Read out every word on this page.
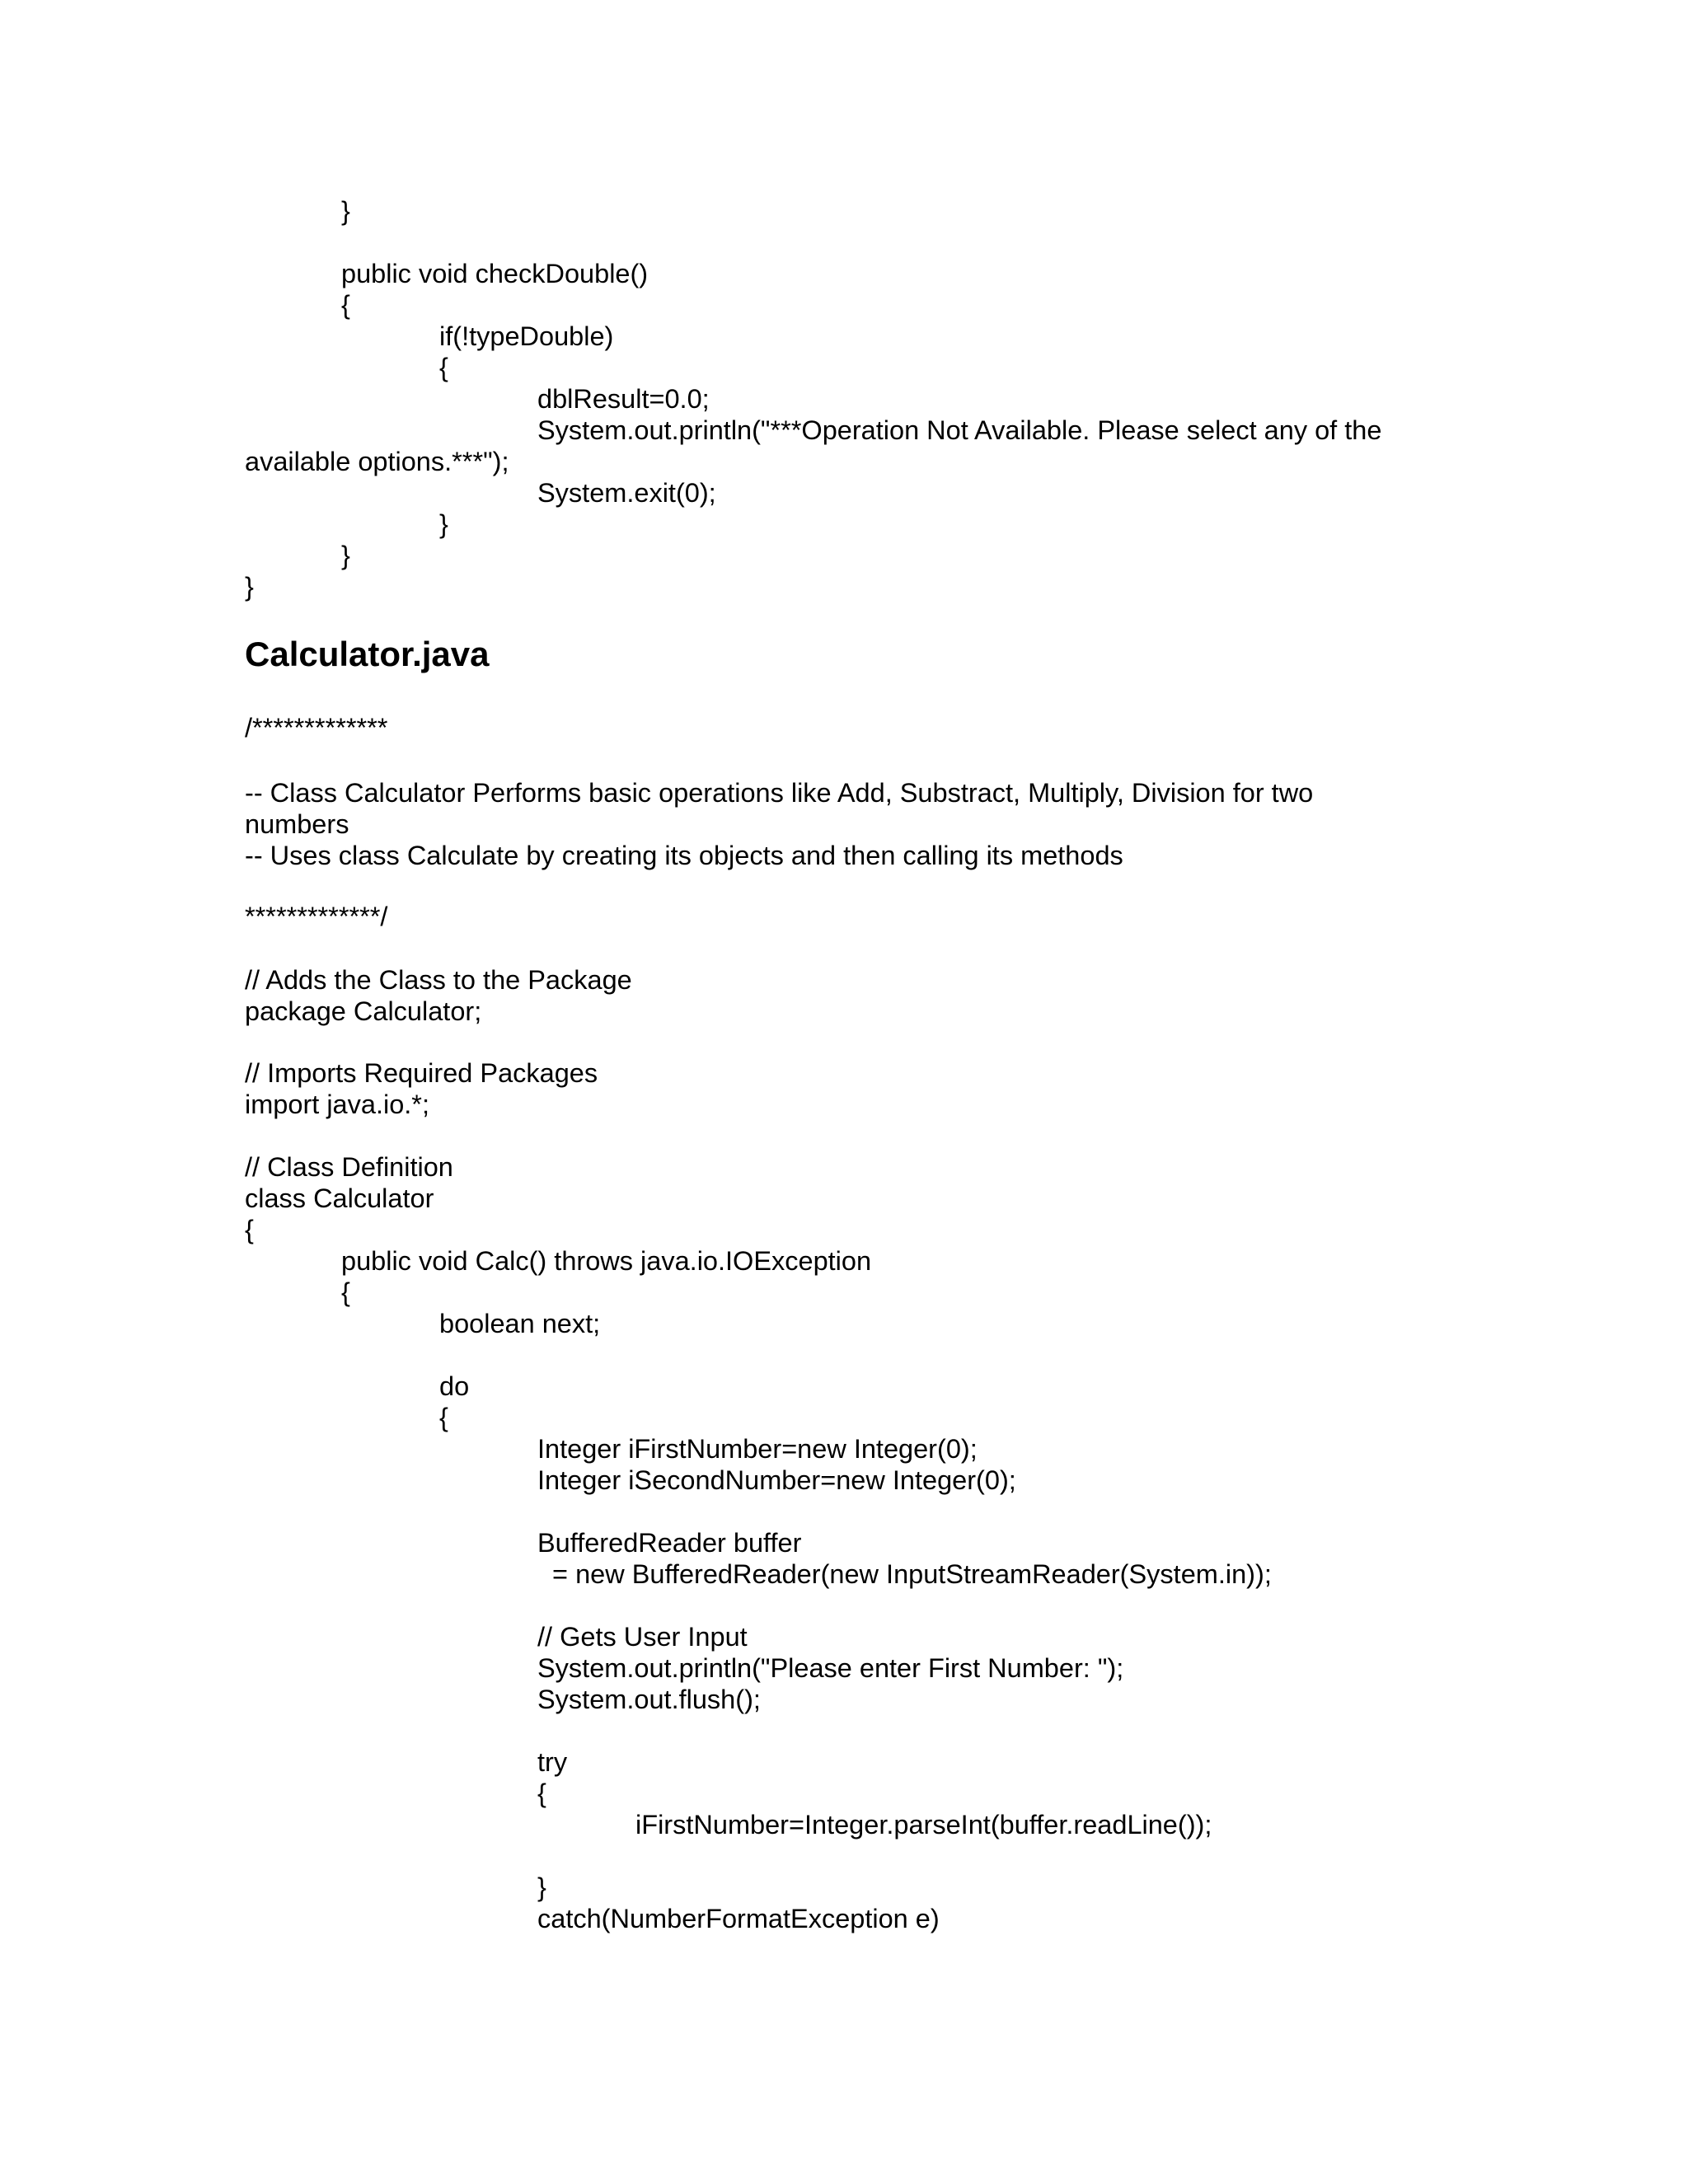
}
public void checkDouble()
{
if(!typeDouble)
{
dblResult=0.0;
System.out.println("***Operation Not Available. Please select any of the
available options.***");
System.exit(0);
}
}
}
Calculator.java
/*************
-- Class Calculator Performs basic operations like Add, Substract, Multiply, Division for two
numbers
-- Uses class Calculate by creating its objects and then calling its methods
*************/
// Adds the Class to the Package
package Calculator;
// Imports Required Packages
import java.io.*;
// Class Definition
class Calculator
{
public void Calc() throws java.io.IOException
{
boolean next;
do
{
Integer iFirstNumber=new Integer(0);
Integer iSecondNumber=new Integer(0);
BufferedReader buffer
= new BufferedReader(new InputStreamReader(System.in));
// Gets User Input
System.out.println("Please enter First Number: ");
System.out.flush();
try
{
iFirstNumber=Integer.parseInt(buffer.readLine());
}
catch(NumberFormatException e)
